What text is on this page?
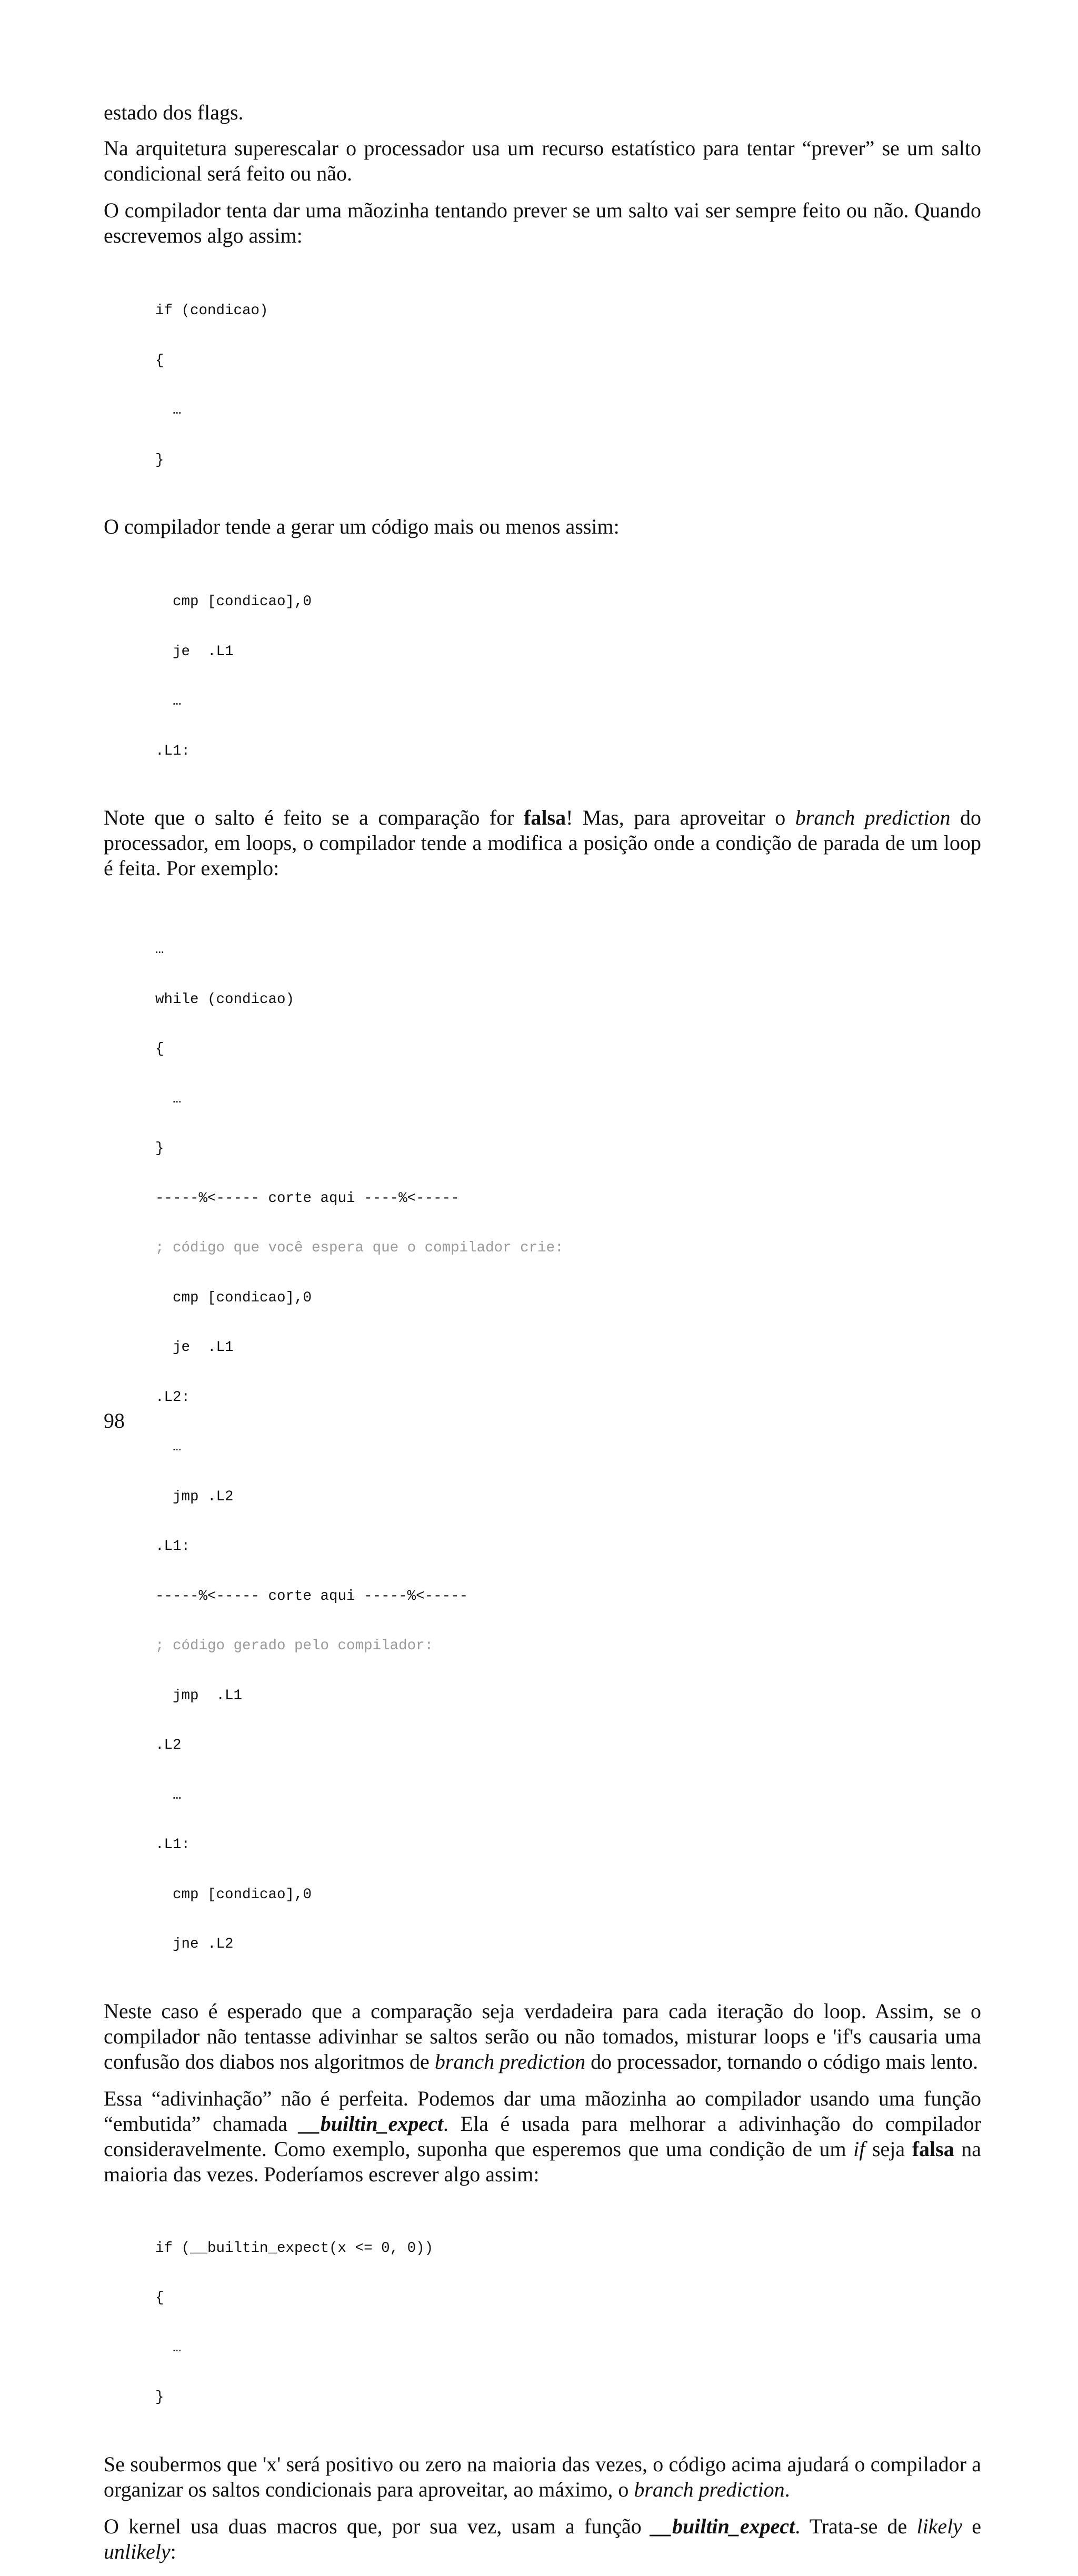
estado dos flags.

Na arquitetura superescalar o processador usa um recurso estatístico para tentar “prever” se um salto condicional será feito ou não.

O compilador tenta dar uma mãozinha tentando prever se um salto vai ser sempre feito ou não. Quando escrevemos algo assim:

if (condicao)

{

…

}

O compilador tende a gerar um código mais ou menos assim:

cmp [condicao],0

je  .L1

…

.L1:

Note que o salto é feito se a comparação for falsa! Mas, para aproveitar o branch prediction do processador, em loops, o compilador tende a modifica a posição onde a condição de parada de um loop é feita. Por exemplo:

…

while (condicao)

{

…

}

-----%<----- corte aqui ----%<-----

; código que você espera que o compilador crie:

cmp [condicao],0

je  .L1

.L2:

…

jmp .L2

.L1:

-----%<----- corte aqui -----%<-----

; código gerado pelo compilador:

jmp  .L1

.L2

…

.L1:

cmp [condicao],0

jne .L2

Neste caso é esperado que a comparação seja verdadeira para cada iteração do loop. Assim, se o compilador não tentasse adivinhar se saltos serão ou não tomados, misturar loops e 'if's causaria uma confusão dos diabos nos algoritmos de branch prediction do processador, tornando o código mais lento.

Essa “adivinhação” não é perfeita. Podemos dar uma mãozinha ao compilador usando uma função “embutida” chamada __builtin_expect. Ela é usada para melhorar a adivinhação do compilador consideravelmente. Como exemplo, suponha que esperemos que uma condição de um if seja falsa na maioria das vezes. Poderíamos escrever algo assim:

if (__builtin_expect(x <= 0, 0))

{

…

}

Se soubermos que 'x' será positivo ou zero na maioria das vezes, o código acima ajudará o compilador a organizar os saltos condicionais para aproveitar, ao máximo, o branch prediction.

O kernel usa duas macros que, por sua vez, usam a função __builtin_expect. Trata-se de likely e unlikely:

98
